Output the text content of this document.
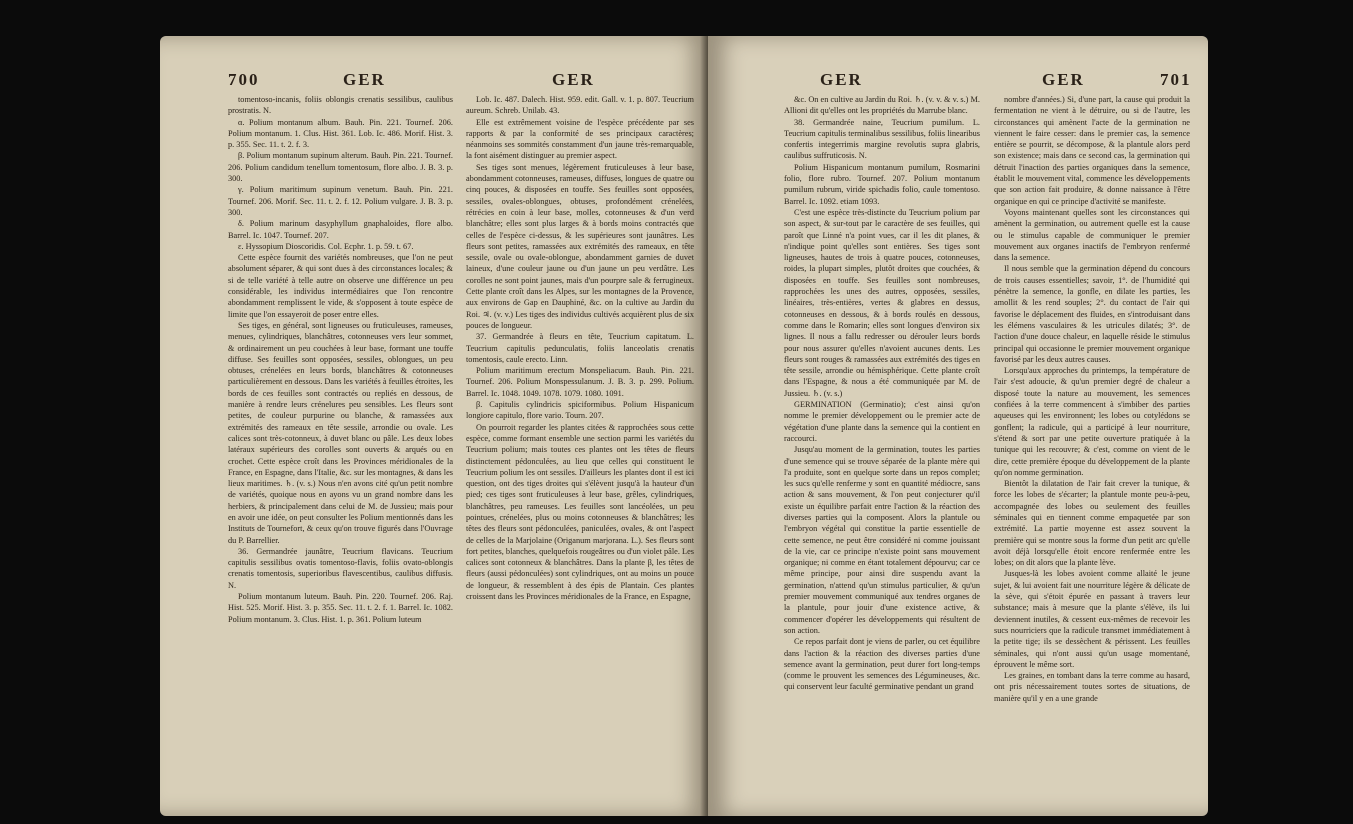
700	GER	GER

tomentoso-incanis, foliis oblongis crenatis sessilibus, caulibus prostratis. N.

α. Polium montanum album. Bauh. Pin. 221. Tournef. 206. Polium montanum. 1. Clus. Hist. 361. Lob. Ic. 486. Morif. Hist. 3. p. 355. Sec. 11. t. 2. f. 3.

β. Polium montanum supinum alterum. Bauh. Pin. 221. Tournef. 206. Polium candidum tenellum tomentosum, flore albo. J. B. 3. p. 300.

γ. Polium maritimum supinum venetum. Bauh. Pin. 221. Tournef. 206. Morif. Sec. 11. t. 2. f. 12. Polium vulgare. J. B. 3. p. 300.

δ. Polium marinum dasyphyllum gnaphaloides, flore albo. Barrel. Ic. 1047. Tournef. 207.

ε. Hyssopium Dioscoridis. Col. Ecphr. 1. p. 59. t. 67.

Cette espèce fournit des variétés nombreuses, que l'on ne peut absolument séparer, & qui sont dues à des circonstances locales; & si de telle variété à telle autre on observe une différence un peu considérable, les individus intermédiaires que l'on rencontre abondamment remplissent le vide, & s'opposent à toute espèce de limite que l'on essayeroit de poser entre elles.

Ses tiges, en général, sont ligneuses ou fruticuleuses, rameuses, menues, cylindriques, blanchâtres, cotonneuses vers leur sommet, & ordinairement un peu couchées à leur base, formant une touffe diffuse. Ses feuilles sont opposées, sessiles, oblongues, un peu obtuses, crénelées en leurs bords, blanchâtres & cotonneuses particulièrement en dessous. Dans les variétés à feuilles étroites, les bords de ces feuilles sont contractés ou repliés en dessous, de manière à rendre leurs crénelures peu sensibles. Les fleurs sont petites, de couleur purpurine ou blanche, & ramassées aux extrémités des rameaux en tête sessile, arrondie ou ovale. Les calices sont très-cotonneux, à duvet blanc ou pâle. Les deux lobes latéraux supérieurs des corolles sont ouverts & arqués ou en crochet. Cette espèce croît dans les Provinces méridionales de la France, en Espagne, dans l'Italie, &c. sur les montagnes, & dans les lieux maritimes. ♄. (v. s.) Nous n'en avons cité qu'un petit nombre de variétés, quoique nous en ayons vu un grand nombre dans les herbiers, & principalement dans celui de M. de Jussieu; mais pour en avoir une idée, on peut consulter les Polium mentionnés dans les Instituts de Tournefort, & ceux qu'on trouve figurés dans l'Ouvrage du P. Barrellier.

36. Germandrée jaunâtre, Teucrium flavicans. Teucrium capitulis sessilibus ovatis tomentoso-flavis, foliis ovato-oblongis crenatis tomentosis, superioribus flavescentibus, caulibus diffusis. N.

Polium montanum luteum. Bauh. Pin. 220. Tournef. 206. Raj. Hist. 525. Morif. Hist. 3. p. 355. Sec. 11. t. 2. f. 1. Barrel. Ic. 1082. Polium montanum. 3. Clus. Hist. 1. p. 361. Polium luteum

Lob. Ic. 487. Dalech. Hist. 959. edit. Gall. v. 1. p. 807. Teucrium aureum. Schreb. Unilab. 43.

Elle est extrêmement voisine de l'espèce précédente par ses rapports & par la conformité de ses principaux caractères; néanmoins ses sommités constamment d'un jaune très-remarquable, la font aisément distinguer au premier aspect.

Ses tiges sont menues, légèrement fruticuleuses à leur base, abondamment cotonneuses, rameuses, diffuses, longues de quatre ou cinq pouces, & disposées en touffe. Ses feuilles sont opposées, sessiles, ovales-oblongues, obtuses, profondément crénelées, rétrécies en coin à leur base, molles, cotonneuses & d'un verd blanchâtre; elles sont plus larges & à bords moins contractés que celles de l'espèce ci-dessus, & les supérieures sont jaunâtres. Les fleurs sont petites, ramassées aux extrémités des rameaux, en tête sessile, ovale ou ovale-oblongue, abondamment garnies de duvet laineux, d'une couleur jaune ou d'un jaune un peu verdâtre. Les corolles ne sont point jaunes, mais d'un pourpre sale & ferrugineux. Cette plante croît dans les Alpes, sur les montagnes de la Provence, aux environs de Gap en Dauphiné, &c. on la cultive au Jardin du Roi. ♃. (v. v.) Les tiges des individus cultivés acquièrent plus de six pouces de longueur.

37. Germandrée à fleurs en tête, Teucrium capitatum. L. Teucrium capitulis pedunculatis, foliis lanceolatis crenatis tomentosis, caule erecto. Linn.

Polium maritimum erectum Monspeliacum. Bauh. Pin. 221. Tournef. 206. Polium Monspessulanum. J. B. 3. p. 299. Polium. Barrel. Ic. 1048. 1049. 1078. 1079. 1080. 1091.

β. Capitulis cylindricis spiciformibus. Polium Hispanicum longiore capitulo, flore vario. Tourn. 207.

On pourroit regarder les plantes citées & rapprochées sous cette espèce, comme formant ensemble une section parmi les variétés du Teucrium polium; mais toutes ces plantes ont les têtes de fleurs distinctement pédonculées, au lieu que celles qui constituent le Teucrium polium les ont sessiles. D'ailleurs les plantes dont il est ici question, ont des tiges droites qui s'élèvent jusqu'à la hauteur d'un pied; ces tiges sont fruticuleuses à leur base, grêles, cylindriques, blanchâtres, peu rameuses. Les feuilles sont lancéolées, un peu pointues, crénelées, plus ou moins cotonneuses & blanchâtres; les têtes des fleurs sont pédonculées, paniculées, ovales, & ont l'aspect de celles de la Marjolaine (Origanum marjorana. L.). Ses fleurs sont fort petites, blanches, quelquefois rougeâtres ou d'un violet pâle. Les calices sont cotonneux & blanchâtres. Dans la plante β, les têtes de fleurs (aussi pédonculées) sont cylindriques, ont au moins un pouce de longueur, & ressemblent à des épis de Plantain. Ces plantes croissent dans les Provinces méridionales de la France, en Espagne,

GER	GER	701

&c. On en cultive au Jardin du Roi. ♄. (v. v. & v. s.) M. Allioni dit qu'elles ont les propriétés du Marrube blanc.

38. Germandrée naine, Teucrium pumilum. L. Teucrium capitulis terminalibus sessilibus, foliis linearibus confertis integerrimis margine revolutis supra glabris, caulibus suffruticosis. N.

Polium Hispanicum montanum pumilum, Rosmarini folio, flore rubro. Tournef. 207. Polium montanum pumilum rubrum, viride spichadis folio, caule tomentoso. Barrel. Ic. 1092. etiam 1093.

C'est une espèce très-distincte du Teucrium polium par son aspect, & sur-tout par le caractère de ses feuilles, qui paroît que Linné n'a point vues, car il les dit planes, & n'indique point qu'elles sont entières. Ses tiges sont ligneuses, hautes de trois à quatre pouces, cotonneuses, roides, la plupart simples, plutôt droites que couchées, & disposées en touffe. Ses feuilles sont nombreuses, rapprochées les unes des autres, opposées, sessiles, linéaires, très-entières, vertes & glabres en dessus, cotonneuses en dessous, & à bords roulés en dessous, comme dans le Romarin; elles sont longues d'environ six lignes. Il nous a fallu redresser ou dérouler leurs bords pour nous assurer qu'elles n'avoient aucunes dents. Les fleurs sont rouges & ramassées aux extrémités des tiges en tête sessile, arrondie ou hémisphérique. Cette plante croît dans l'Espagne, & nous a été communiquée par M. de Jussieu. ♄. (v. s.)

GERMINATION (Germinatio); c'est ainsi qu'on nomme le premier développement ou le premier acte de végétation d'une plante dans la semence qui la contient en raccourci.

Jusqu'au moment de la germination, toutes les parties d'une semence qui se trouve séparée de la plante mère qui l'a produite, sont en quelque sorte dans un repos complet; les sucs qu'elle renferme y sont en quantité médiocre, sans action & sans mouvement, & l'on peut conjecturer qu'il existe un équilibre parfait entre l'action & la réaction des diverses parties qui la composent. Alors la plantule ou l'embryon végétal qui constitue la partie essentielle de cette semence, ne peut être considéré ni comme jouissant de la vie, car ce principe n'existe point sans mouvement organique; ni comme en étant totalement dépourvu; car ce même principe, pour ainsi dire suspendu avant la germination, n'attend qu'un stimulus particulier, & qu'un premier mouvement communiqué aux tendres organes de la plantule, pour jouir d'une existence active, & commencer d'opérer les développements qui résultent de son action.

Ce repos parfait dont je viens de parler, ou cet équilibre dans l'action & la réaction des diverses parties d'une semence avant la germination, peut durer fort long-temps (comme le prouvent les semences des Légumineuses, &c. qui conservent leur faculté germinative pendant un grand

nombre d'années.) Si, d'une part, la cause qui produit la fermentation ne vient à le détruire, ou si de l'autre, les circonstances qui amènent l'acte de la germination ne viennent le faire cesser: dans le premier cas, la semence entière se pourrit, se décompose, & la plantule alors perd son existence; mais dans ce second cas, la germination qui détruit l'inaction des parties organiques dans la semence, établit le mouvement vital, commence les développements que son action fait produire, & donne naissance à l'être organique en qui ce principe d'activité se manifeste.

Voyons maintenant quelles sont les circonstances qui amènent la germination, ou autrement quelle est la cause ou le stimulus capable de communiquer le premier mouvement aux organes inactifs de l'embryon renfermé dans la semence.

Il nous semble que la germination dépend du concours de trois causes essentielles; savoir, 1°. de l'humidité qui pénètre la semence, la gonfle, en dilate les parties, les amollit & les rend souples; 2°. du contact de l'air qui favorise le déplacement des fluides, en s'introduisant dans les élémens vasculaires & les utricules dilatés; 3°. de l'action d'une douce chaleur, en laquelle réside le stimulus principal qui occasionne le premier mouvement organique favorisé par les deux autres causes.

Lorsqu'aux approches du printemps, la température de l'air s'est adoucie, & qu'un premier degré de chaleur a disposé toute la nature au mouvement, les semences confiées à la terre commencent à s'imbiber des parties aqueuses qui les environnent; les lobes ou cotylédons se gonflent; la radicule, qui a participé à leur nourriture, s'étend & sort par une petite ouverture pratiquée à la tunique qui les recouvre; & c'est, comme on vient de le dire, cette première époque du développement de la plante qu'on nomme germination.

Bientôt la dilatation de l'air fait crever la tunique, & force les lobes de s'écarter; la plantule monte peu-à-peu, accompagnée des lobes ou seulement des feuilles séminales qui en tiennent comme empaquetée par son extrémité. La partie moyenne est assez souvent la première qui se montre sous la forme d'un petit arc qu'elle avoit déjà lorsqu'elle étoit encore renfermée entre les lobes; on dit alors que la plante lève.

Jusques-là les lobes avoient comme allaité le jeune sujet, & lui avoient fait une nourriture légère & délicate de la sève, qui s'étoit épurée en passant à travers leur substance; mais à mesure que la plante s'élève, ils lui deviennent inutiles, & cessent eux-mêmes de recevoir les sucs nourriciers que la radicule transmet immédiatement à la petite tige; ils se dessèchent & périssent. Les feuilles séminales, qui n'ont aussi qu'un usage momentané, éprouvent le même sort.

Les graines, en tombant dans la terre comme au hasard, ont pris nécessairement toutes sortes de situations, de manière qu'il y en a une grande
